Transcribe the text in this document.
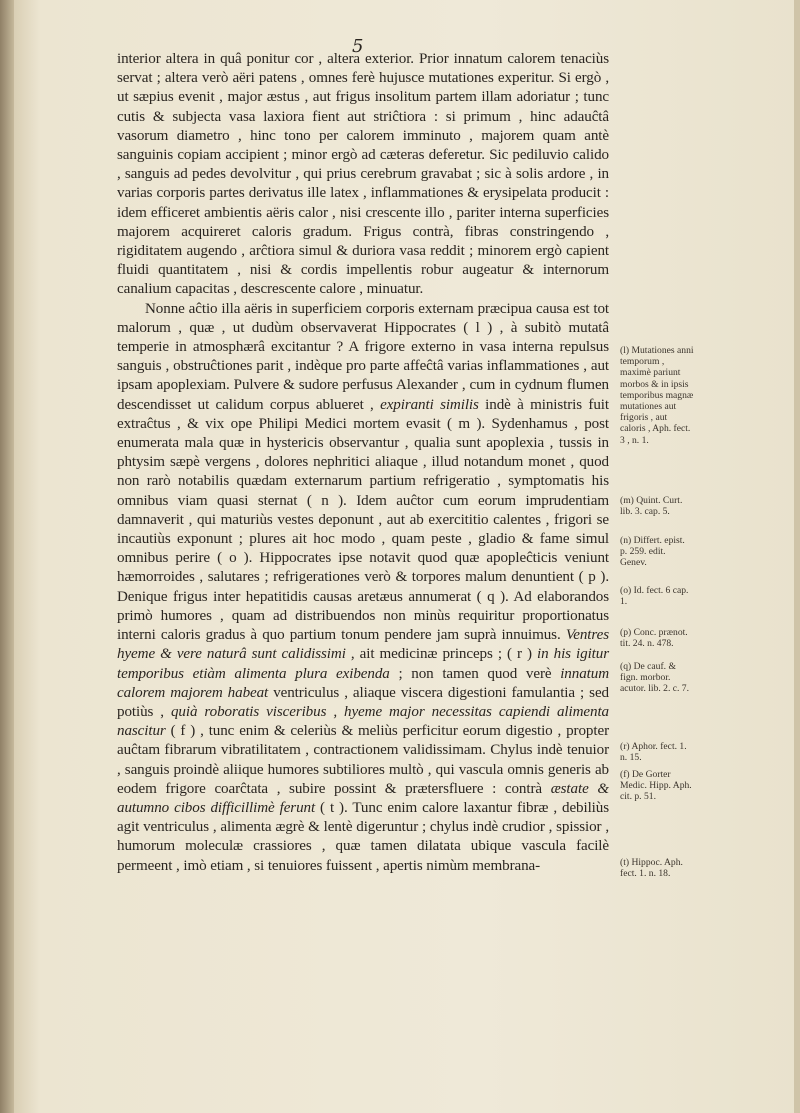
5

interior altera in quâ ponitur cor , altera exterior. Prior innatum calorem tenaciùs servat ; altera verò aëri patens , omnes ferè hujusce mutationes experitur. Si ergò , ut sæpius evenit , major æstus , aut frigus insolitum partem illam adoriatur ; tunc cutis & subjecta vasa laxiora fient aut striĉtiora : si primum , hinc adauĉtâ vasorum diametro , hinc tono per calorem imminuto , majorem quam antè sanguinis copiam accipient ; minor ergò ad cæteras deferetur. Sic pediluvio calido , sanguis ad pedes devolvitur , qui prius cerebrum gravabat ; sic à solis ardore , in varias corporis partes derivatus ille latex , inflammationes & erysipelata producit : idem efficeret ambientis aëris calor , nisi crescente illo , pariter interna superficies majorem acquireret caloris gradum. Frigus contrà, fibras constringendo , rigiditatem augendo , arĉtiora simul & duriora vasa reddit ; minorem ergò capient fluidi quantitatem , nisi & cordis impellentis robur augeatur & internorum canalium capacitas , descrescente calore , minuatur.

Nonne aĉtio illa aëris in superficiem corporis externam præcipua causa est tot malorum , quæ , ut dudùm observaverat Hippocrates ( l ) , à subitò mutatâ temperie in atmosphærâ excitantur ? A frigore externo in vasa interna repulsus sanguis , obstruĉtiones parit , indèque pro parte affeĉtâ varias inflammationes , aut ipsam apoplexiam. Pulvere & sudore perfusus Alexander , cum in cydnum flumen descendisset ut calidum corpus ablueret , expiranti similis indè à ministris fuit extraĉtus , & vix ope Philipi Medici mortem evasit ( m ). Sydenhamus , post enumerata mala quæ in hystericis observantur , qualia sunt apoplexia , tussis in phtysim sæpè vergens , dolores nephritici aliaque , illud notandum monet , quod non rarò notabilis quædam externarum partium refrigeratio , symptomatis his omnibus viam quasi sternat ( n ). Idem auĉtor cum eorum imprudentiam damnaverit , qui maturiùs vestes deponunt , aut ab exercititio calentes , frigori se incautiùs exponunt ; plures ait hoc modo , quam peste , gladio & fame simul omnibus perire ( o ). Hippocrates ipse notavit quod quæ apopleĉticis veniunt hæmorroides , salutares ; refrigerationes verò & torpores malum denuntient ( p ). Denique frigus inter hepatitidis causas aretæus annumerat ( q ). Ad elaborandos primò humores , quam ad distribuendos non minùs requiritur proportionatus interni caloris gradus à quo partium tonum pendere jam suprà innuimus. Ventres hyeme & vere naturâ sunt calidissimi , ait medicinæ princeps ; ( r ) in his igitur temporibus etiàm alimenta plura exibenda ; non tamen quod verè innatum calorem majorem habeat ventriculus , aliaque viscera digestioni famulantia ; sed potiùs , quià roboratis visceribus , hyeme major necessitas capiendi alimenta nascitur ( f ) , tunc enim & celeriùs & meliùs perficitur eorum digestio , propter auĉtam fibrarum vibratilitatem , contractionem validissimam. Chylus indè tenuior , sanguis proindè aliique humores subtiliores multò , qui vascula omnis generis ab eodem frigore coarĉtata , subire possint & prætersfluere : contrà æstate & autumno cibos difficillimè ferunt ( t ). Tunc enim calore laxantur fibræ , debiliùs agit ventriculus , alimenta ægrè & lentè digeruntur ; chylus indè crudior , spissior , humorum moleculæ crassiores , quæ tamen dilatata ubique vascula facilè permeent , imò etiam , si tenuiores fuissent , apertis nimùm membrana-

(l) Mutationes anni temporum , maximè pariunt morbos & in ipsis temporibus magnæ mutationes aut frigoris , aut caloris , Aph. fect. 3 , n. 1.
(m) Quint. Curt. lib. 3. cap. 5.
(n) Differt. epist. p. 259. edit. Genev.
(o) Id. fect. 6 cap. 1.
(p) Conc. prænot. tit. 24. n. 478.
(q) De cauf. & fign. morbor. acutor. lib. 2. c. 7.
(r) Aphor. fect. 1. n. 15.
(f) De Gorter Medic. Hipp. Aph. cit. p. 51.
(t) Hippoc. Aph. fect. 1. n. 18.
